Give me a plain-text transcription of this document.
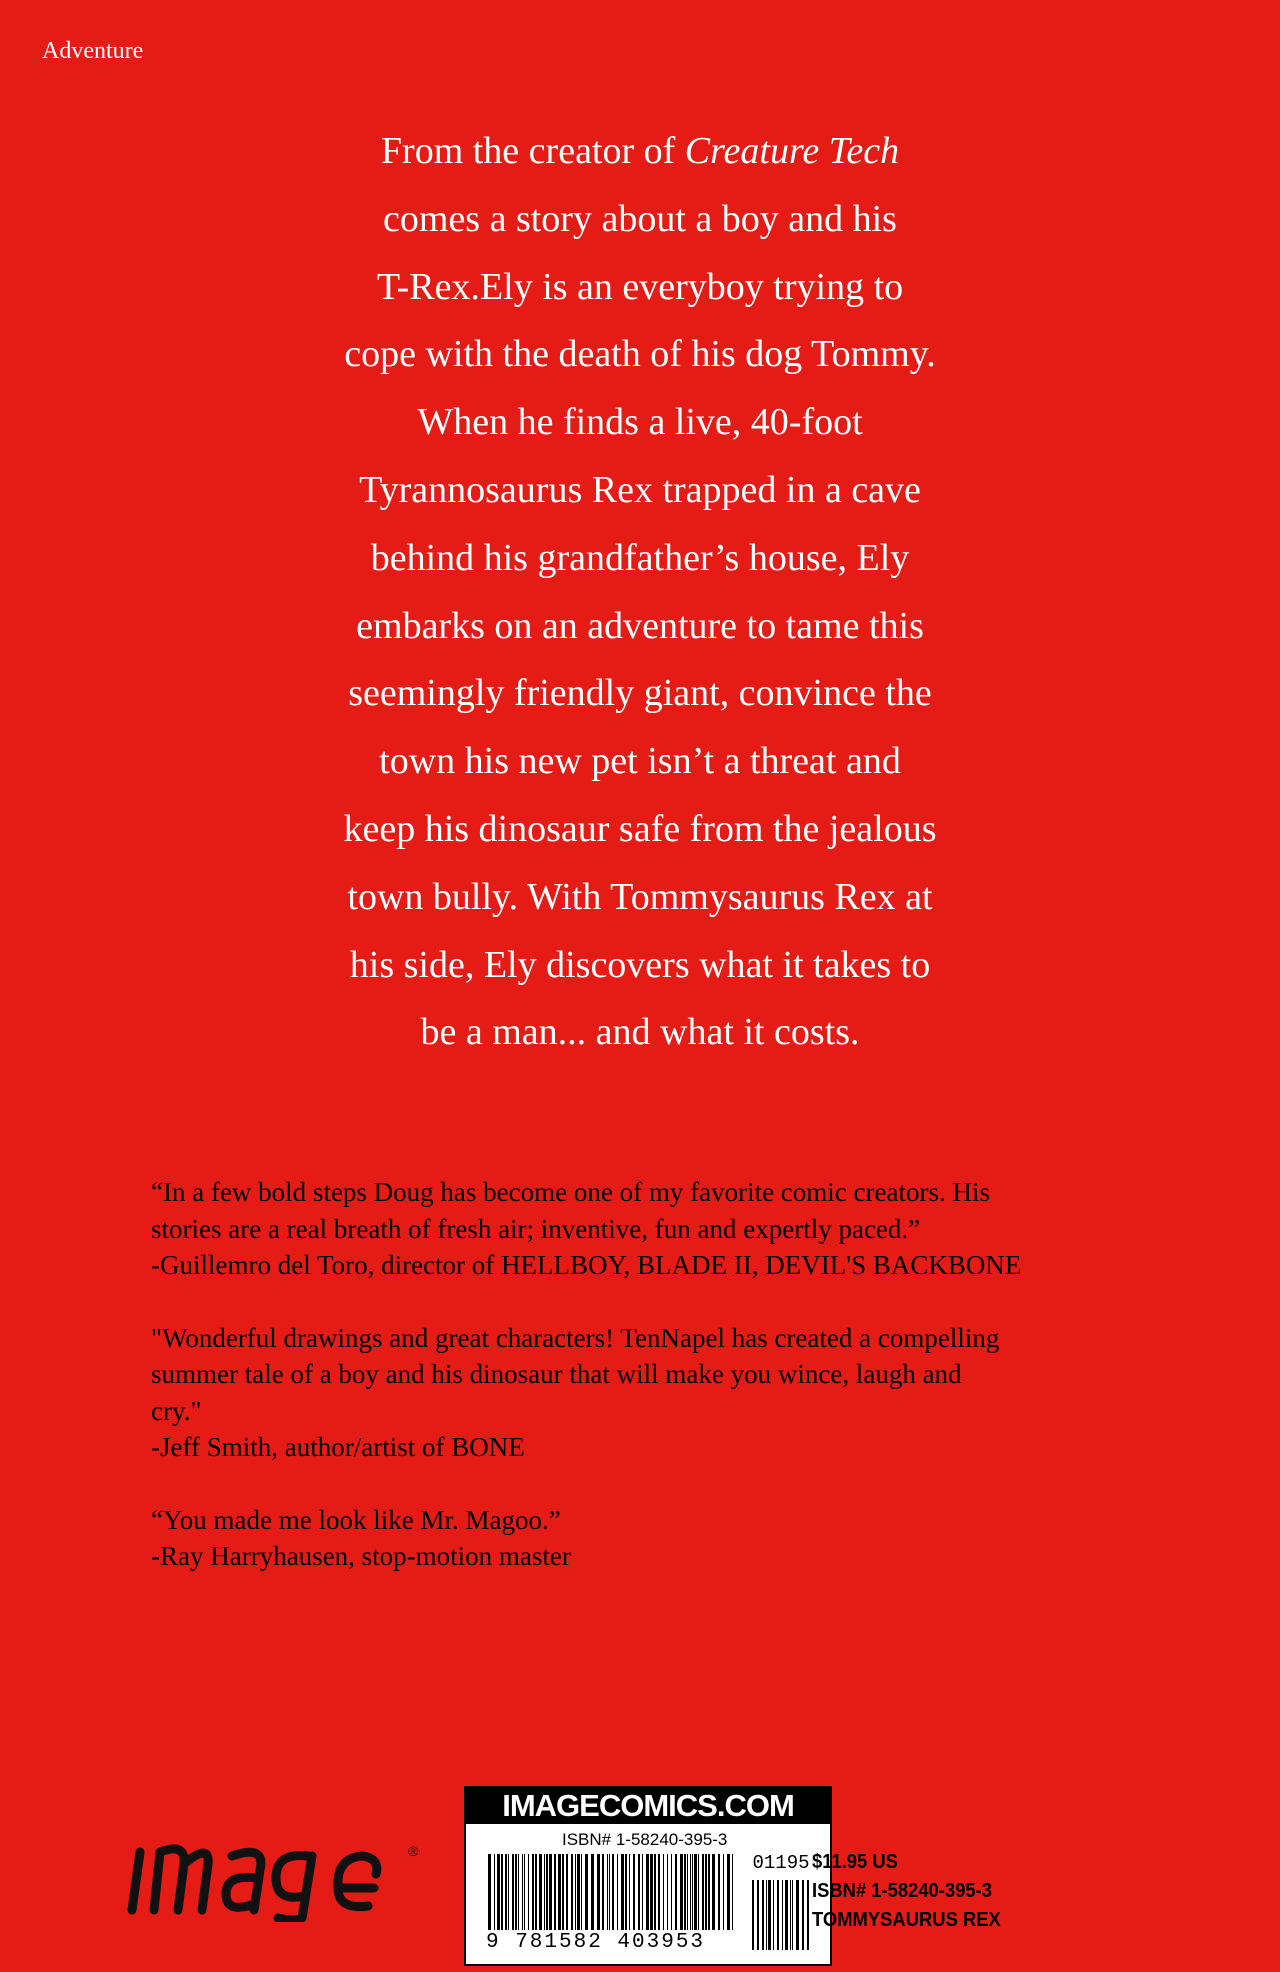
Adventure
From the creator of Creature Tech
comes a story about a boy and his
T-Rex.Ely is an everyboy trying to
cope with the death of his dog Tommy.
When he finds a live, 40-foot
Tyrannosaurus Rex trapped in a cave
behind his grandfather’s house, Ely
embarks on an adventure to tame this
seemingly friendly giant, convince the
town his new pet isn’t a threat and
keep his dinosaur safe from the jealous
town bully. With Tommysaurus Rex at
his side, Ely discovers what it takes to
be a man... and what it costs.
“In a few bold steps Doug has become one of my favorite comic creators. His
stories are a real breath of fresh air; inventive, fun and expertly paced.”
-Guillemro del Toro, director of HELLBOY, BLADE II, DEVIL'S BACKBONE
"Wonderful drawings and great characters! TenNapel has created a compelling
summer tale of a boy and his dinosaur that will make you wince, laugh and
cry."
-Jeff Smith, author/artist of BONE
“You made me look like Mr. Magoo.”
-Ray Harryhausen, stop-motion master
®
IMAGECOMICS.COM
ISBN# 1-58240-395-3
9 781582 403953
01195 $11.95 US
ISBN# 1-58240-395-3
TOMMYSAURUS REX
